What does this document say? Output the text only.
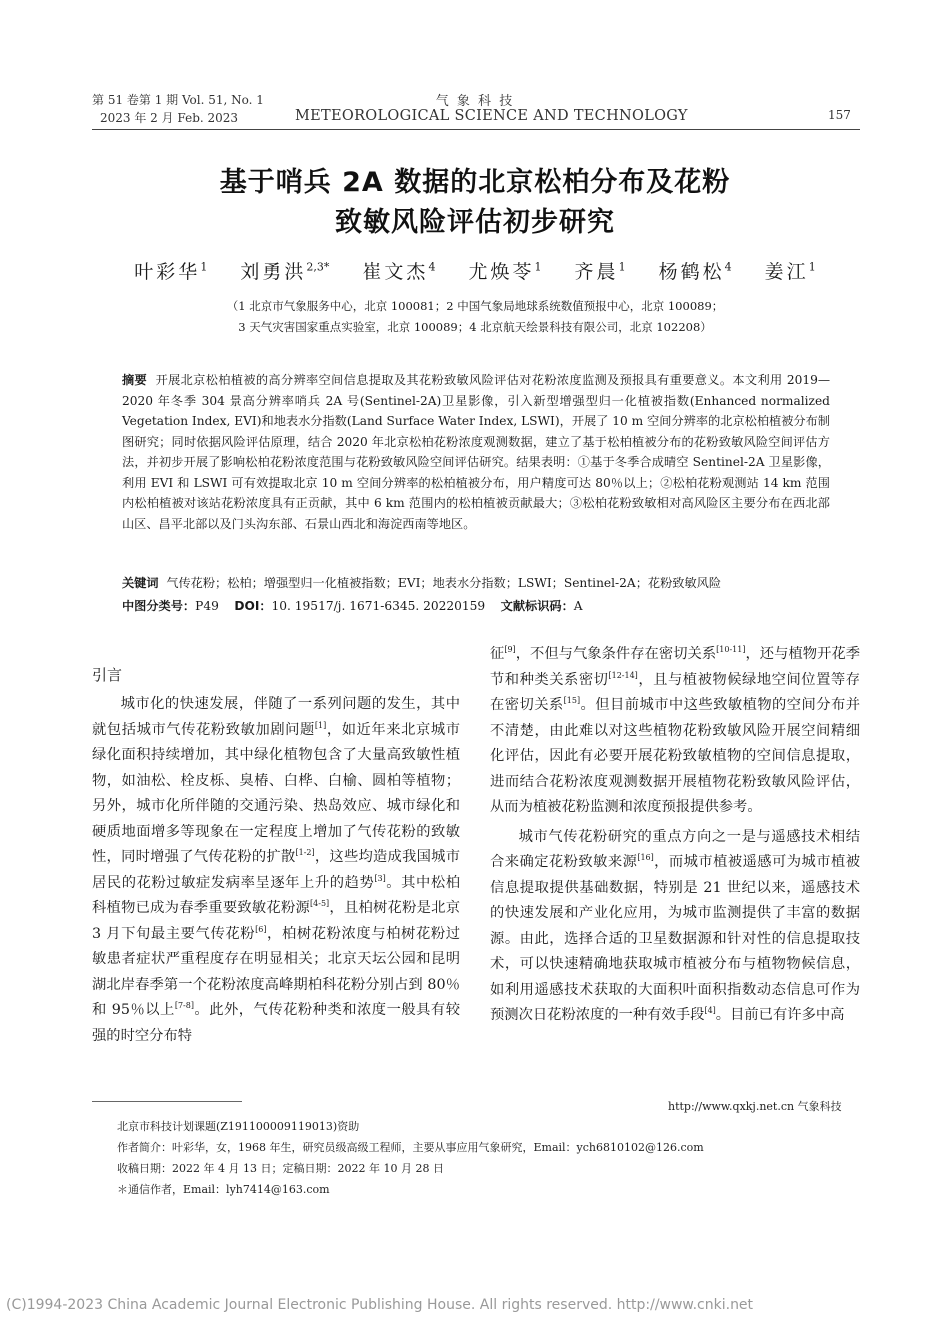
第 51 卷第 1 期 Vol. 51, No. 1
2023 年 2 月 Feb. 2023
气 象 科 技
METEOROLOGICAL SCIENCE AND TECHNOLOGY	157
基于哨兵 2A 数据的北京松柏分布及花粉
致敏风险评估初步研究
叶彩华$^1$ 刘勇洪$^{2,3*}$ 崔文杰$^4$ 尤焕苓$^1$ 齐晨$^1$ 杨鹤松$^4$ 姜江$^1$
（1 北京市气象服务中心，北京 100081；2 中国气象局地球系统数值预报中心，北京 100089；
3 天气灾害国家重点实验室，北京 100089；4 北京航天绘景科技有限公司，北京 102208）
摘要 开展北京松柏植被的高分辨率空间信息提取及其花粉致敏风险评估对花粉浓度监测及预报具有重要意义。本文利用 2019—2020 年冬季 304 景高分辨率哨兵 2A 号(Sentinel-2A)卫星影像，引入新型增强型归一化植被指数(Enhanced normalized Vegetation Index, EVI)和地表水分指数(Land Surface Water Index, LSWI)，开展了 10 m 空间分辨率的北京松柏植被分布制图研究；同时依据风险评估原理，结合 2020 年北京松柏花粉浓度观测数据，建立了基于松柏植被分布的花粉致敏风险空间评估方法，并初步开展了影响松柏花粉浓度范围与花粉致敏风险空间评估研究。结果表明：①基于冬季合成晴空 Sentinel-2A 卫星影像，利用 EVI 和 LSWI 可有效提取北京 10 m 空间分辨率的松柏植被分布，用户精度可达 80％以上；②松柏花粉观测站 14 km 范围内松柏植被对该站花粉浓度具有正贡献，其中 6 km 范围内的松柏植被贡献最大；③松柏花粉致敏相对高风险区主要分布在西北部山区、昌平北部以及门头沟东部、石景山西北和海淀西南等地区。
关键词 气传花粉；松柏；增强型归一化植被指数；EVI；地表水分指数；LSWI；Sentinel-2A；花粉致敏风险
中图分类号：P49 DOI：10. 19517/j. 1671-6345. 20220159 文献标识码：A
引言

城市化的快速发展，伴随了一系列问题的发生，其中就包括城市气传花粉致敏加剧问题[1]，如近年来北京城市绿化面积持续增加，其中绿化植物包含了大量高致敏性植物，如油松、栓皮栎、臭椿、白桦、白榆、圆柏等植物；另外，城市化所伴随的交通污染、热岛效应、城市绿化和硬质地面增多等现象在一定程度上增加了气传花粉的致敏性，同时增强了气传花粉的扩散[1-2]，这些均造成我国城市居民的花粉过敏症发病率呈逐年上升的趋势[3]。其中松柏科植物已成为春季重要致敏花粉源[4-5]，且柏树花粉是北京 3 月下旬最主要气传花粉[6]，柏树花粉浓度与柏树花粉过敏患者症状严重程度存在明显相关；北京天坛公园和昆明湖北岸春季第一个花粉浓度高峰期柏科花粉分别占到 80％和 95％以上[7-8]。此外，气传花粉种类和浓度一般具有较强的时空分布特

征[9]，不但与气象条件存在密切关系[10-11]，还与植物开花季节和种类关系密切[12-14]，且与植被物候绿地空间位置等存在密切关系[15]。但目前城市中这些致敏植物的空间分布并不清楚，由此难以对这些植物花粉致敏风险开展空间精细化评估，因此有必要开展花粉致敏植物的空间信息提取，进而结合花粉浓度观测数据开展植物花粉致敏风险评估，从而为植被花粉监测和浓度预报提供参考。

城市气传花粉研究的重点方向之一是与遥感技术相结合来确定花粉致敏来源[16]，而城市植被遥感可为城市植被信息提取提供基础数据，特别是 21 世纪以来，遥感技术的快速发展和产业化应用，为城市监测提供了丰富的数据源。由此，选择合适的卫星数据源和针对性的信息提取技术，可以快速精确地获取城市植被分布与植物物候信息，如利用遥感技术获取的大面积叶面积指数动态信息可作为预测次日花粉浓度的一种有效手段[4]。目前已有许多中高

http://www.qxkj.net.cn 气象科技
北京市科技计划课题(Z191100009119013)资助
作者简介：叶彩华，女，1968 年生，研究员级高级工程师，主要从事应用气象研究，Email：ych6810102@126.com
收稿日期：2022 年 4 月 13 日；定稿日期：2022 年 10 月 28 日
＊通信作者，Email：lyh7414@163.com
(C)1994-2023 China Academic Journal Electronic Publishing House. All rights reserved. http://www.cnki.net
